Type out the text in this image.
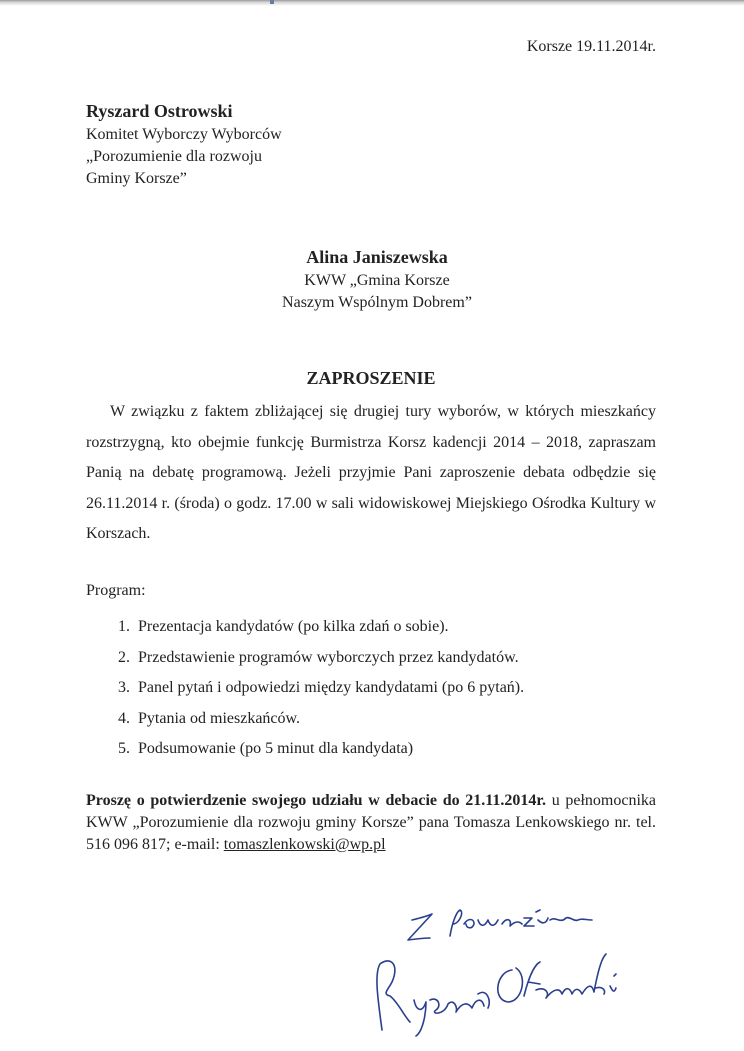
Korsze 19.11.2014r.
Ryszard Ostrowski
Komitet Wyborczy Wyborców
„Porozumienie dla rozwoju
Gminy Korsze”
Alina Janiszewska
KWW „Gmina Korsze
Naszym Wspólnym Dobrem”
ZAPROSZENIE
W związku z faktem zbliżającej się drugiej tury wyborów, w których mieszkańcy rozstrzygną, kto obejmie funkcję Burmistrza Korsz kadencji 2014 – 2018, zapraszam Panią na debatę programową. Jeżeli przyjmie Pani zaproszenie debata odbędzie się 26.11.2014 r. (środa) o godz. 17.00 w sali widowiskowej Miejskiego Ośrodka Kultury w Korszach.
Program:
1. Prezentacja kandydatów (po kilka zdań o sobie).
2. Przedstawienie programów wyborczych przez kandydatów.
3. Panel pytań i odpowiedzi między kandydatami (po 6 pytań).
4. Pytania od mieszkańców.
5. Podsumowanie (po 5 minut dla kandydata)
Proszę o potwierdzenie swojego udziału w debacie do 21.11.2014r. u pełnomocnika KWW „Porozumienie dla rozwoju gminy Korsze” pana Tomasza Lenkowskiego nr. tel. 516 096 817; e-mail: tomaszlenkowski@wp.pl
